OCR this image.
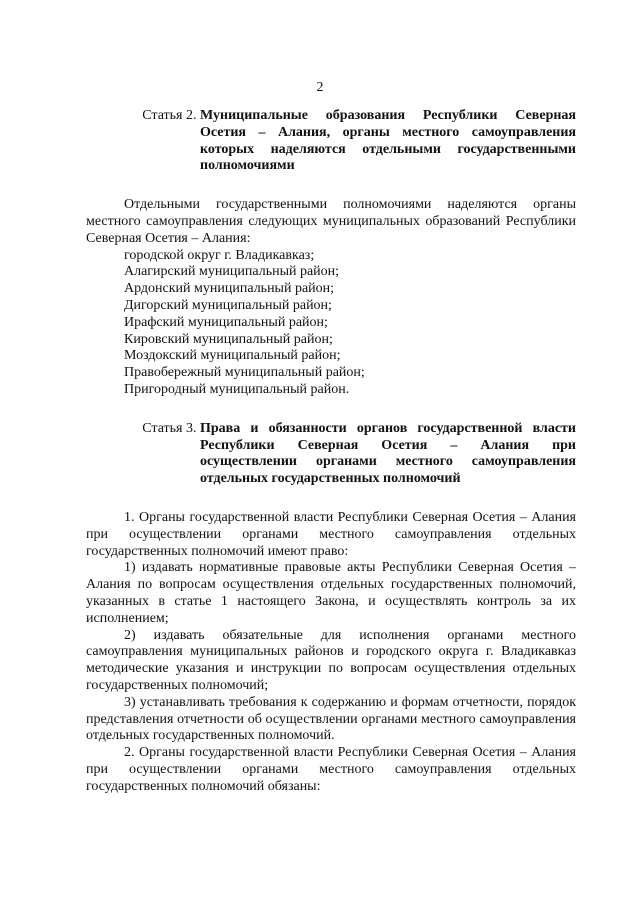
2
Статья 2. Муниципальные образования Республики Северная Осетия – Алания, органы местного самоуправления которых наделяются отдельными государственными полномочиями
Отдельными государственными полномочиями наделяются органы местного самоуправления следующих муниципальных образований Республики Северная Осетия – Алания:
городской округ г. Владикавказ;
Алагирский муниципальный район;
Ардонский муниципальный район;
Дигорский муниципальный район;
Ирафский муниципальный район;
Кировский муниципальный район;
Моздокский муниципальный район;
Правобережный муниципальный район;
Пригородный муниципальный район.
Статья 3. Права и обязанности органов государственной власти Республики Северная Осетия – Алания при осуществлении органами местного самоуправления отдельных государственных полномочий
1. Органы государственной власти Республики Северная Осетия – Алания при осуществлении органами местного самоуправления отдельных государственных полномочий имеют право:
1) издавать нормативные правовые акты Республики Северная Осетия – Алания по вопросам осуществления отдельных государственных полномочий, указанных в статье 1 настоящего Закона, и осуществлять контроль за их исполнением;
2) издавать обязательные для исполнения органами местного самоуправления муниципальных районов и городского округа г. Владикавказ методические указания и инструкции по вопросам осуществления отдельных государственных полномочий;
3) устанавливать требования к содержанию и формам отчетности, порядок представления отчетности об осуществлении органами местного самоуправления отдельных государственных полномочий.
2. Органы государственной власти Республики Северная Осетия – Алания при осуществлении органами местного самоуправления отдельных государственных полномочий обязаны:
